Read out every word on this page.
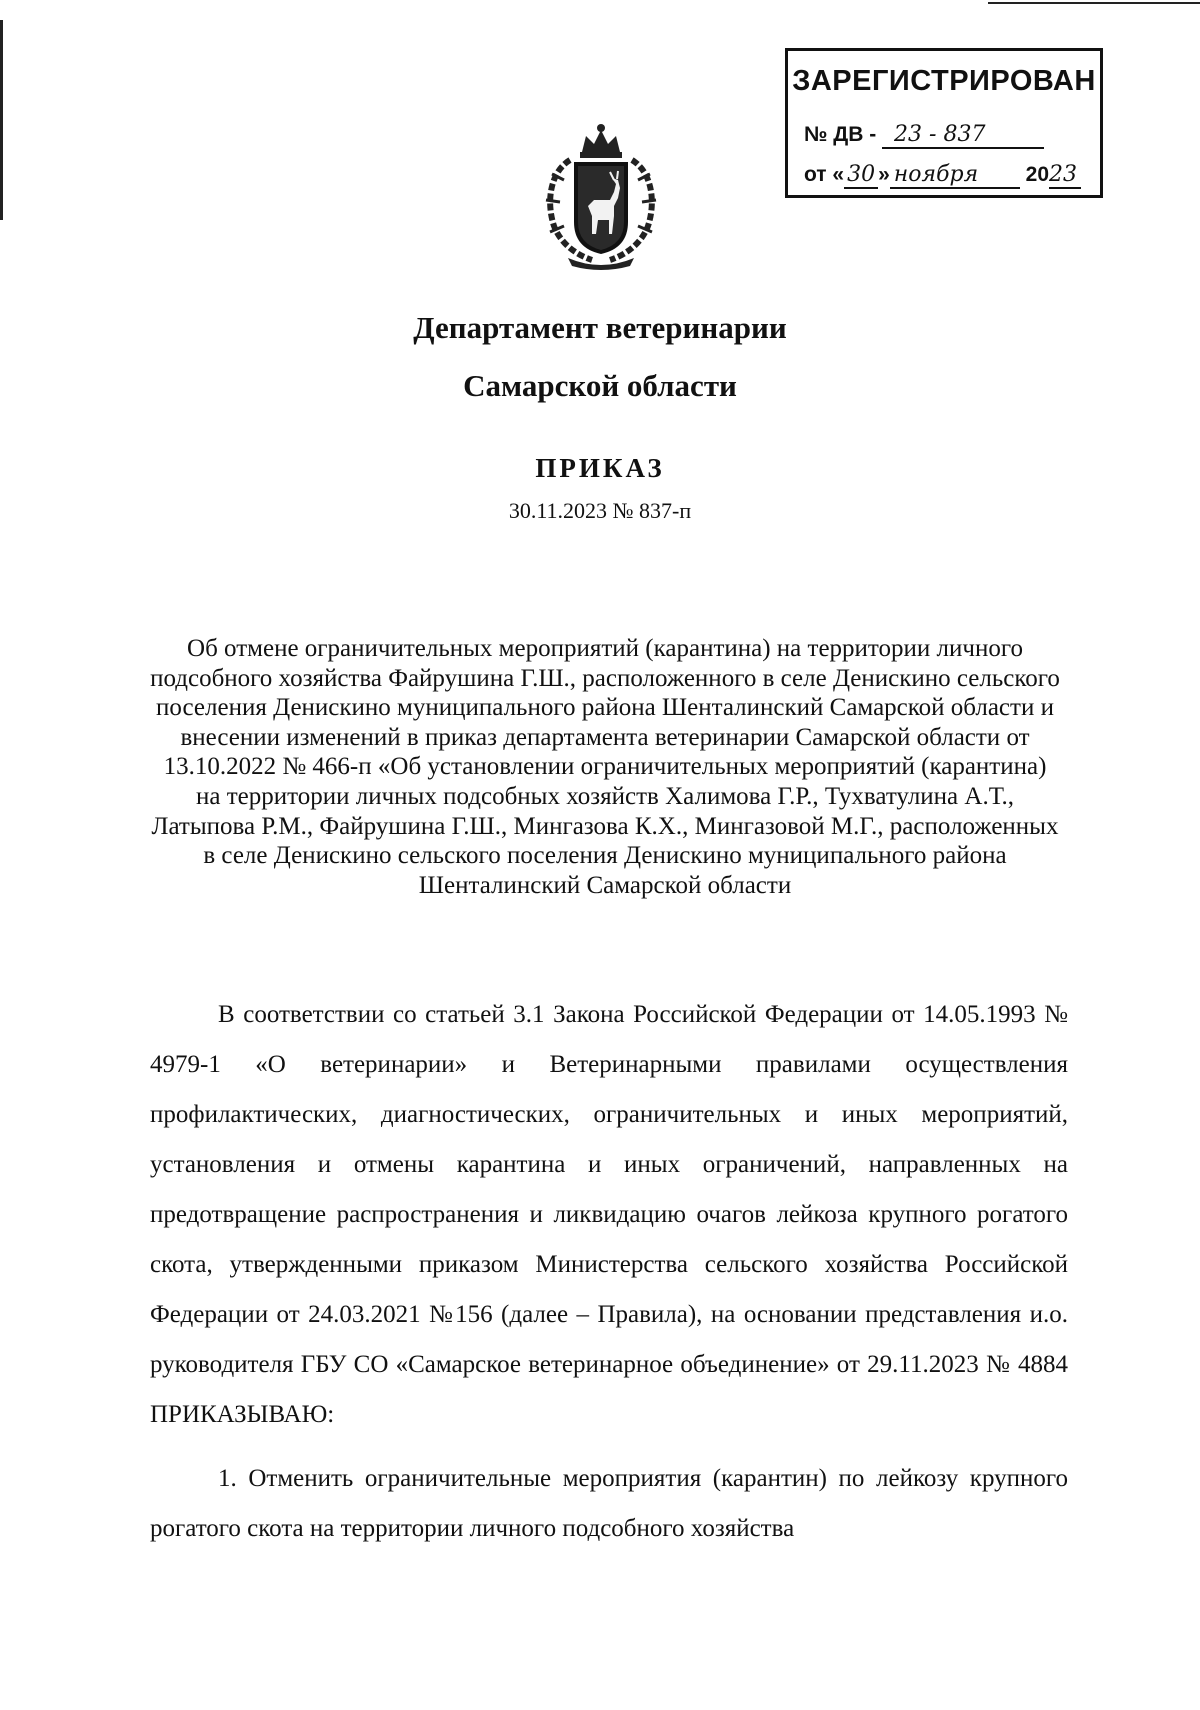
ЗАРЕГИСТРИРОВАН
№ ДВ - 23 - 837
от « 30 » ноября 2023
Департамент ветеринарии
Самарской области
ПРИКАЗ
30.11.2023 № 837-п

Об отмене ограничительных мероприятий (карантина) на территории личного подсобного хозяйства Файрушина Г.Ш., расположенного в селе Денискино сельского поселения Денискино муниципального района Шенталинский Самарской области и внесении изменений в приказ департамента ветеринарии Самарской области от 13.10.2022 № 466-п «Об установлении ограничительных мероприятий (карантина) на территории личных подсобных хозяйств Халимова Г.Р., Тухватулина А.Т., Латыпова Р.М., Файрушина Г.Ш., Мингазова К.Х., Мингазовой М.Г., расположенных в селе Денискино сельского поселения Денискино муниципального района Шенталинский Самарской области

В соответствии со статьей 3.1 Закона Российской Федерации от 14.05.1993 № 4979-1 «О ветеринарии» и Ветеринарными правилами осуществления профилактических, диагностических, ограничительных и иных мероприятий, установления и отмены карантина и иных ограничений, направленных на предотвращение распространения и ликвидацию очагов лейкоза крупного рогатого скота, утвержденными приказом Министерства сельского хозяйства Российской Федерации от 24.03.2021 №156 (далее – Правила), на основании представления и.о. руководителя ГБУ СО «Самарское ветеринарное объединение» от 29.11.2023 № 4884 ПРИКАЗЫВАЮ:

1. Отменить ограничительные мероприятия (карантин) по лейкозу крупного рогатого скота на территории личного подсобного хозяйства
